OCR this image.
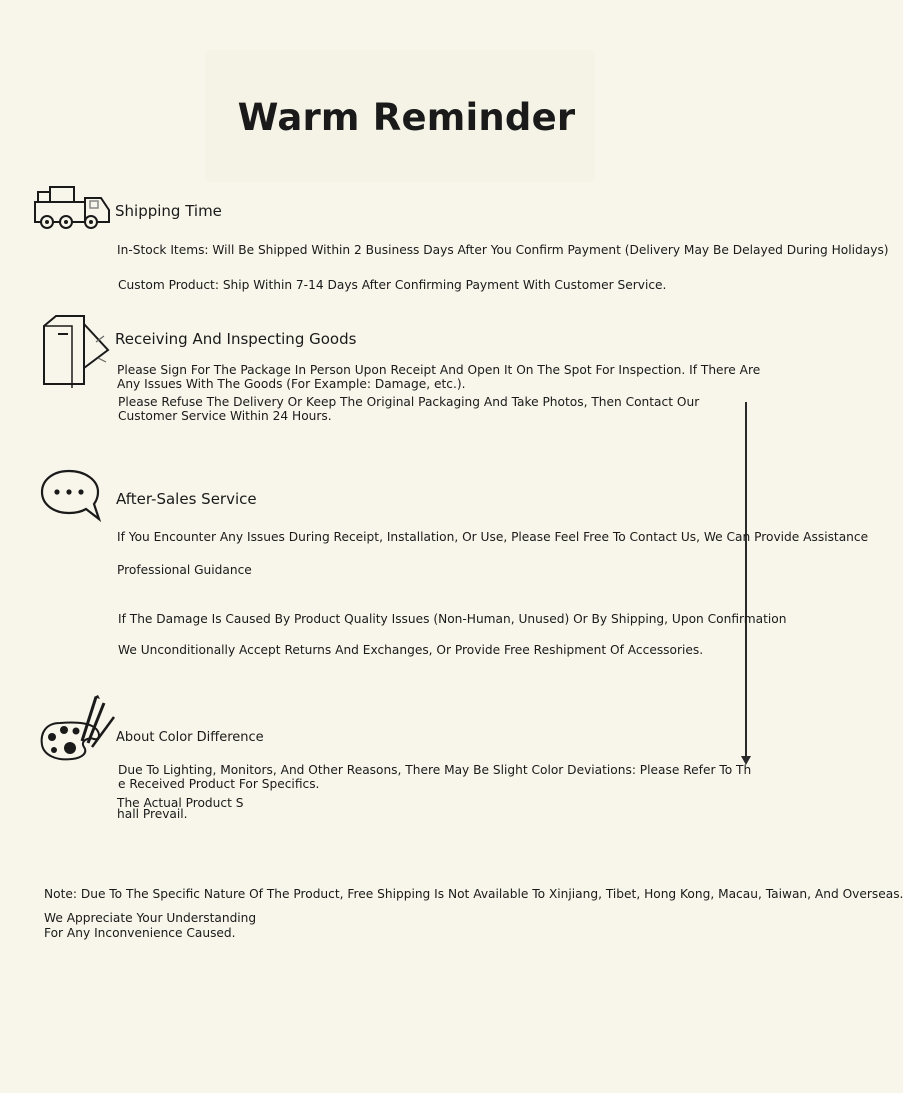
Warm Reminder
Shipping Time
In-Stock Items: Will Be Shipped Within 2 Business Days After You Confirm Payment (Delivery May Be Delayed During Holidays)
Custom Product: Ship Within 7-14 Days After Confirming Payment With Customer Service.
Receiving And Inspecting Goods
Please Sign For The Package In Person Upon Receipt And Open It On The Spot For Inspection. If There Are Any Issues With The Goods (For Example: Damage, etc.).
Please Refuse The Delivery Or Keep The Original Packaging And Take Photos, Then Contact Our Customer Service Within 24 Hours.
After-Sales Service
If You Encounter Any Issues During Receipt, Installation, Or Use, Please Feel Free To Contact Us, We Can Provide Assistance
Professional Guidance
If The Damage Is Caused By Product Quality Issues (Non-Human, Unused) Or By Shipping, Upon Confirmation
We Unconditionally Accept Returns And Exchanges, Or Provide Free Reshipment Of Accessories.
About Color Difference
Due To Lighting, Monitors, And Other Reasons, There May Be Slight Color Deviations: Please Refer To The Received Product For Specifics.
The Actual Product Shall Prevail.
Note: Due To The Specific Nature Of The Product, Free Shipping Is Not Available To Xinjiang, Tibet, Hong Kong, Macau, Taiwan, And Overseas.
We Appreciate Your Understanding For Any Inconvenience Caused.
